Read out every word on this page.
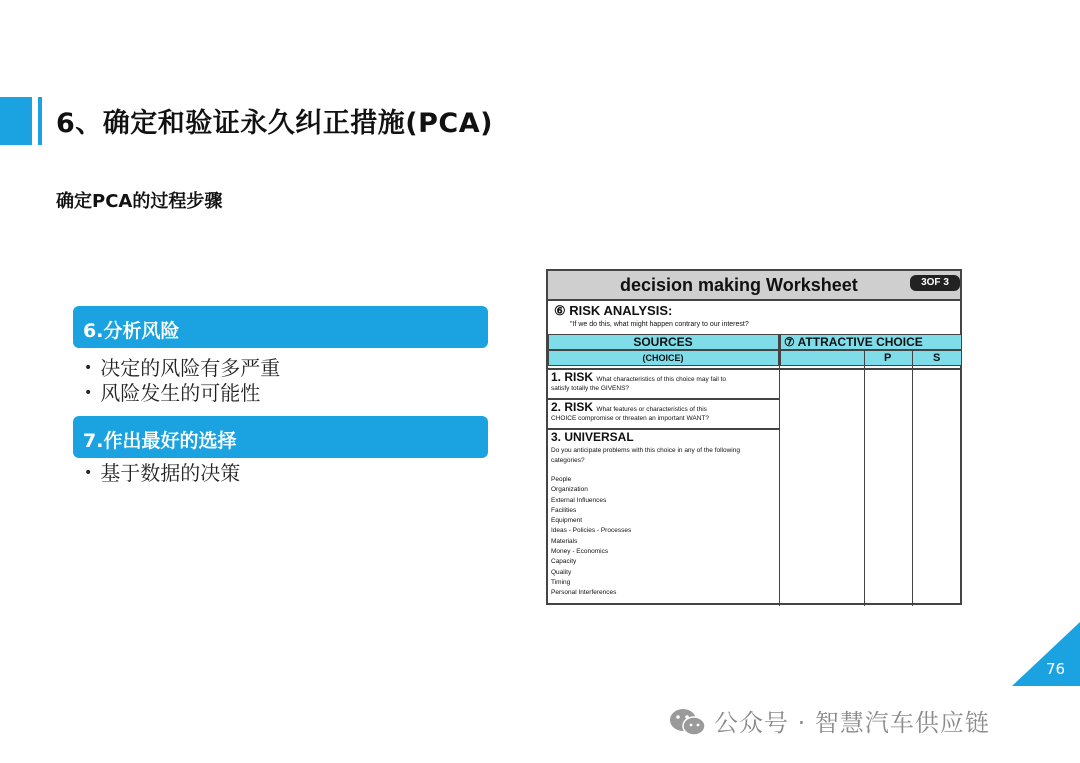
6、确定和验证永久纠正措施(PCA)
确定PCA的过程步骤
6.分析风险
• 决定的风险有多严重
• 风险发生的可能性
7.作出最好的选择
• 基于数据的决策
decision making Worksheet	3OF 3
⑥ RISK ANALYSIS:
"If we do this, what might happen contrary to our interest?
SOURCES
(CHOICE)
⑦ ATTRACTIVE CHOICE
P	S
1. RISK What characteristics of this choice may fail to
satisfy totally the GIVENS?
2. RISK What features or characteristics of this
CHOICE compromise or threaten an important WANT?
3. UNIVERSAL
Do you anticipate problems with this choice in any of the following categories?
People
Organization
External Influences
Facilities
Equipment
Ideas - Policies - Processes
Materials
Money - Economics
Capacity
Quality
Timing
Personal Interferences
76
公众号 · 智慧汽车供应链
